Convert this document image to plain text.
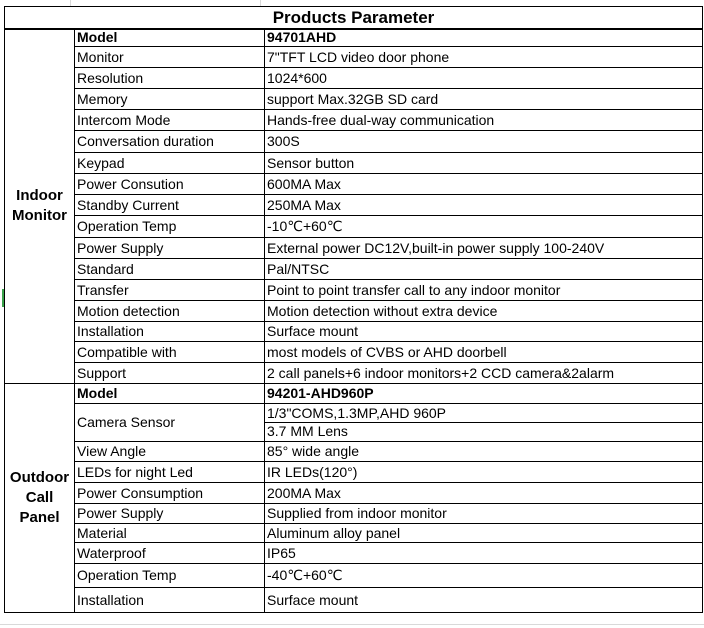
Products Parameter		
Indoor Monitor	Model	94701AHD
	Monitor	7"TFT LCD video door phone
	Resolution	1024*600
	Memory	support Max.32GB SD card
	Intercom Mode	Hands-free dual-way communication
	Conversation duration	300S
	Keypad	Sensor button
	Power Consution	600MA Max
	Standby Current	250MA Max
	Operation Temp	-10℃+60℃
	Power Supply	External power DC12V,built-in power supply 100-240V
	Standard	Pal/NTSC
	Transfer	Point to point transfer call to any indoor monitor
	Motion detection	Motion detection without extra device
	Installation	Surface mount
	Compatible with	most models of CVBS or AHD doorbell
	Support	2 call panels+6 indoor monitors+2 CCD camera&2alarm
Outdoor Call Panel	Model	94201-AHD960P
	Camera Sensor	1/3"COMS,1.3MP,AHD 960P
3.7 MM Lens

	View Angle	85° wide angle
	LEDs for night Led	IR LEDs(120°)
	Power Consumption	200MA Max
	Power Supply	Supplied from indoor monitor
	Material	Aluminum alloy panel
	Waterproof	IP65
	Operation Temp	-40℃+60℃
	Installation	Surface mount
